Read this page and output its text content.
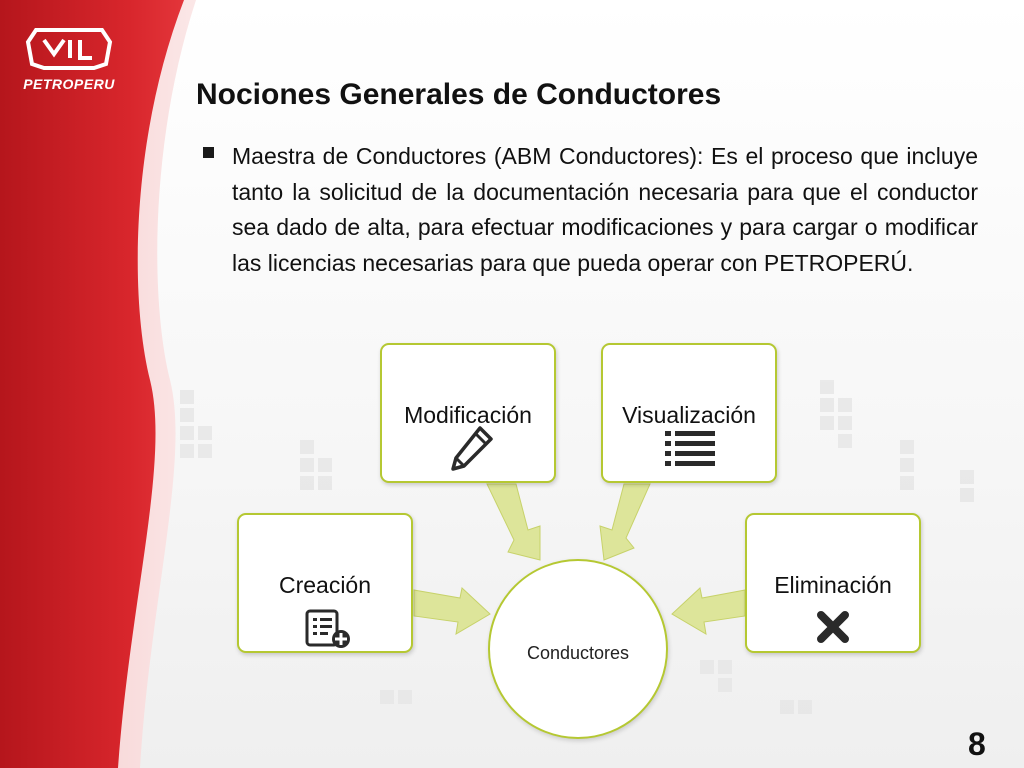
PETROPERU	Nociones Generales de Conductores
Maestra de Conductores (ABM Conductores): Es el proceso que incluye tanto la solicitud de la documentación necesaria para que el conductor sea dado de alta, para efectuar modificaciones y para cargar o modificar las licencias necesarias para que pueda operar con PETROPERÚ.
Conductores
Creación
Modificación	Visualización
Eliminación
8
